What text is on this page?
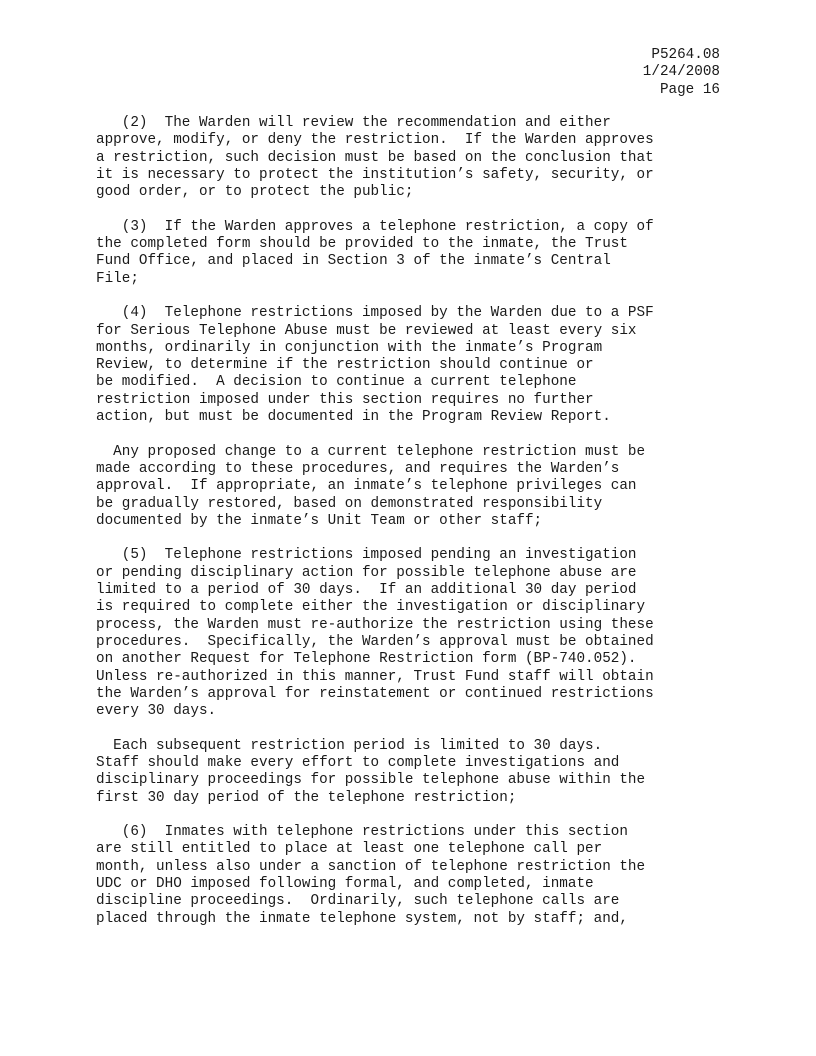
P5264.08
1/24/2008
Page 16
(2)  The Warden will review the recommendation and either
approve, modify, or deny the restriction.  If the Warden approves
a restriction, such decision must be based on the conclusion that
it is necessary to protect the institution’s safety, security, or
good order, or to protect the public;
(3)  If the Warden approves a telephone restriction, a copy of
the completed form should be provided to the inmate, the Trust
Fund Office, and placed in Section 3 of the inmate’s Central
File;
(4)  Telephone restrictions imposed by the Warden due to a PSF
for Serious Telephone Abuse must be reviewed at least every six
months, ordinarily in conjunction with the inmate’s Program
Review, to determine if the restriction should continue or
be modified.  A decision to continue a current telephone
restriction imposed under this section requires no further
action, but must be documented in the Program Review Report.
Any proposed change to a current telephone restriction must be
made according to these procedures, and requires the Warden’s
approval.  If appropriate, an inmate’s telephone privileges can
be gradually restored, based on demonstrated responsibility
documented by the inmate’s Unit Team or other staff;
(5)  Telephone restrictions imposed pending an investigation
or pending disciplinary action for possible telephone abuse are
limited to a period of 30 days.  If an additional 30 day period
is required to complete either the investigation or disciplinary
process, the Warden must re-authorize the restriction using these
procedures.  Specifically, the Warden’s approval must be obtained
on another Request for Telephone Restriction form (BP-740.052).
Unless re-authorized in this manner, Trust Fund staff will obtain
the Warden’s approval for reinstatement or continued restrictions
every 30 days.
Each subsequent restriction period is limited to 30 days.
Staff should make every effort to complete investigations and
disciplinary proceedings for possible telephone abuse within the
first 30 day period of the telephone restriction;
(6)  Inmates with telephone restrictions under this section
are still entitled to place at least one telephone call per
month, unless also under a sanction of telephone restriction the
UDC or DHO imposed following formal, and completed, inmate
discipline proceedings.  Ordinarily, such telephone calls are
placed through the inmate telephone system, not by staff; and,
